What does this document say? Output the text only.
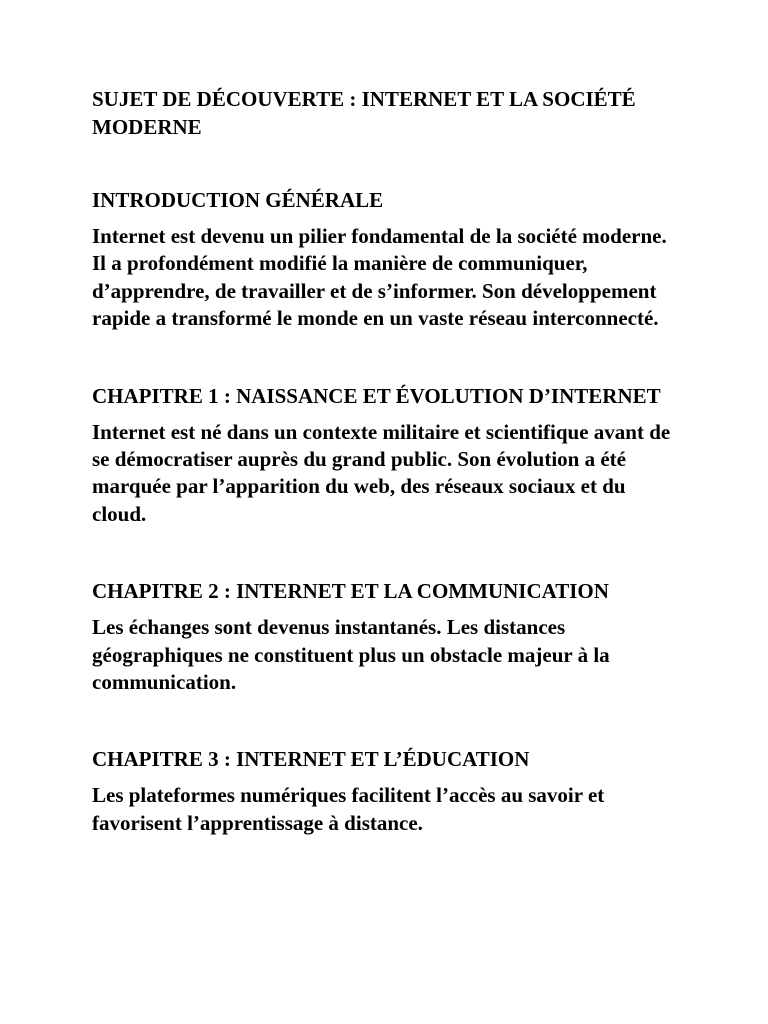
SUJET DE DÉCOUVERTE : INTERNET ET LA SOCIÉTÉ MODERNE
INTRODUCTION GÉNÉRALE

Internet est devenu un pilier fondamental de la société moderne. Il a profondément modifié la manière de communiquer, d’apprendre, de travailler et de s’informer. Son développement rapide a transformé le monde en un vaste réseau interconnecté.

CHAPITRE 1 : NAISSANCE ET ÉVOLUTION D’INTERNET

Internet est né dans un contexte militaire et scientifique avant de se démocratiser auprès du grand public. Son évolution a été marquée par l’apparition du web, des réseaux sociaux et du cloud.

CHAPITRE 2 : INTERNET ET LA COMMUNICATION

Les échanges sont devenus instantanés. Les distances géographiques ne constituent plus un obstacle majeur à la communication.

CHAPITRE 3 : INTERNET ET L’ÉDUCATION

Les plateformes numériques facilitent l’accès au savoir et favorisent l’apprentissage à distance.
